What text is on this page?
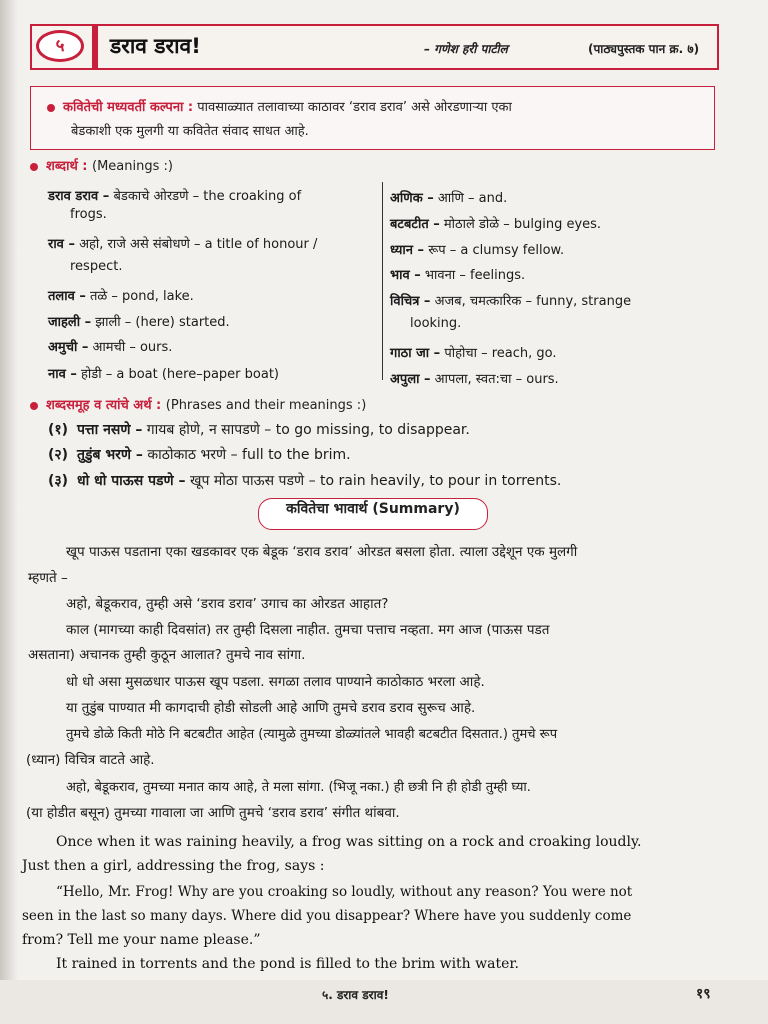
५	डराव डराव!	– गणेश हरी पाटील	(पाठ्यपुस्तक पान क्र. ७)
कवितेची मध्यवर्ती कल्पना : पावसाळ्यात तलावाच्या काठावर ‘डराव डराव’ असे ओरडणाऱ्या एका
बेडकाशी एक मुलगी या कवितेत संवाद साधत आहे.
शब्दार्थ : (Meanings :)
डराव डराव – बेडकाचे ओरडणे – the croaking of
frogs.
राव – अहो, राजे असे संबोधणे – a title of honour /
respect.
तलाव – तळे – pond, lake.
जाहली – झाली – (here) started.
अमुची – आमची – ours.
नाव – होडी – a boat (here–paper boat)
अणिक – आणि – and.
बटबटीत – मोठाले डोळे – bulging eyes.
ध्यान – रूप – a clumsy fellow.
भाव – भावना – feelings.
विचित्र – अजब, चमत्कारिक – funny, strange
looking.
गाठा जा – पोहोचा – reach, go.
अपुला – आपला, स्वत:चा – ours.
शब्दसमूह व त्यांचे अर्थ : (Phrases and their meanings :)
(१) पत्ता नसणे – गायब होणे, न सापडणे – to go missing, to disappear.
(२) तुडुंब भरणे – काठोकाठ भरणे – full to the brim.
(३) धो धो पाऊस पडणे – खूप मोठा पाऊस पडणे – to rain heavily, to pour in torrents.
कवितेचा भावार्थ (Summary)
खूप पाऊस पडताना एका खडकावर एक बेडूक ‘डराव डराव’ ओरडत बसला होता. त्याला उद्देशून एक मुलगी
म्हणते –
अहो, बेडूकराव, तुम्ही असे ‘डराव डराव’ उगाच का ओरडत आहात?
काल (मागच्या काही दिवसांत) तर तुम्ही दिसला नाहीत. तुमचा पत्ताच नव्हता. मग आज (पाऊस पडत
असताना) अचानक तुम्ही कुठून आलात? तुमचे नाव सांगा.
धो धो असा मुसळधार पाऊस खूप पडला. सगळा तलाव पाण्याने काठोकाठ भरला आहे.
या तुडुंब पाण्यात मी कागदाची होडी सोडली आहे आणि तुमचे डराव डराव सुरूच आहे.
तुमचे डोळे किती मोठे नि बटबटीत आहेत (त्यामुळे तुमच्या डोळ्यांतले भावही बटबटीत दिसतात.) तुमचे रूप
(ध्यान) विचित्र वाटते आहे.
अहो, बेडूकराव, तुमच्या मनात काय आहे, ते मला सांगा. (भिजू नका.) ही छत्री नि ही होडी तुम्ही घ्या.
(या होडीत बसून) तुमच्या गावाला जा आणि तुमचे ‘डराव डराव’ संगीत थांबवा.
Once when it was raining heavily, a frog was sitting on a rock and croaking loudly.
Just then a girl, addressing the frog, says :
“Hello, Mr. Frog! Why are you croaking so loudly, without any reason? You were not
seen in the last so many days. Where did you disappear? Where have you suddenly come
from? Tell me your name please.”
It rained in torrents and the pond is filled to the brim with water.
५. डराव डराव!	१९
